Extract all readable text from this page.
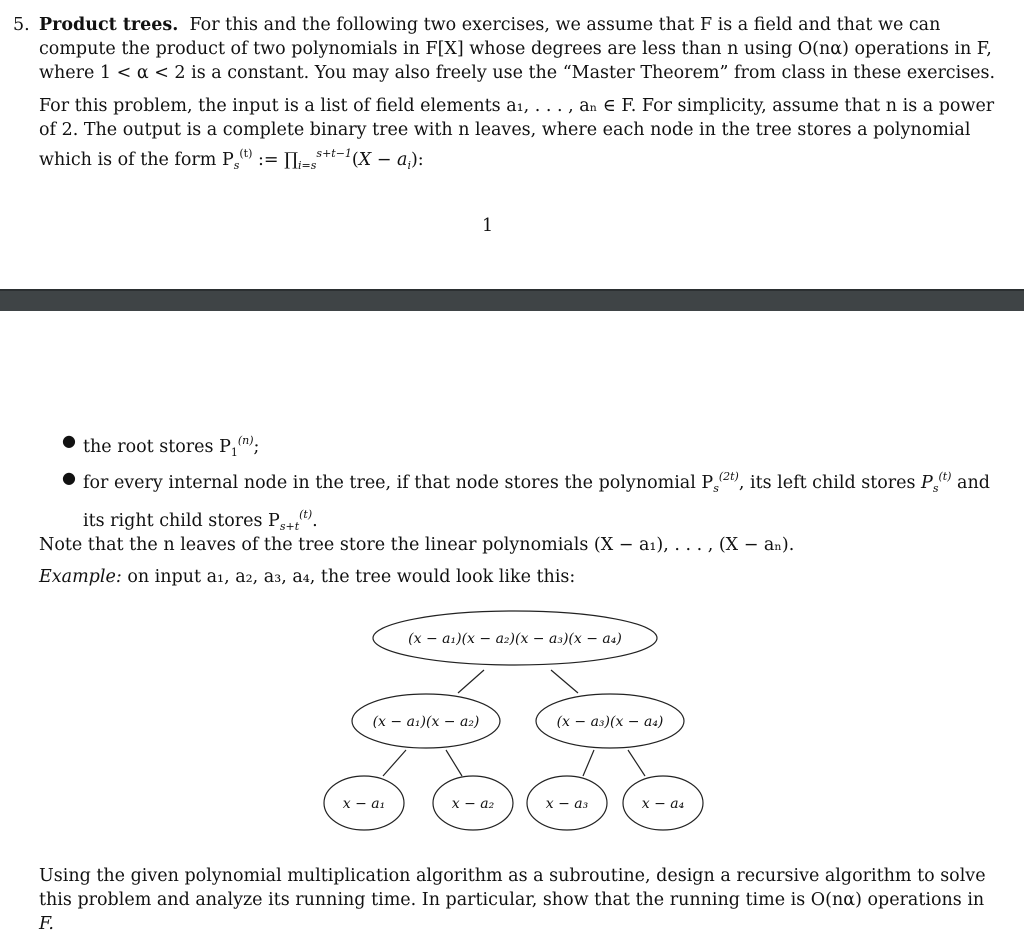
5. Product trees. For this and the following two exercises, we assume that F is a field and that we can
compute the product of two polynomials in F[X] whose degrees are less than n using O(nα) operations in F,
where 1 < α < 2 is a constant. You may also freely use the “Master Theorem” from class in these exercises.
For this problem, the input is a list of field elements a₁, . . . , aₙ ∈ F. For simplicity, assume that n is a power
of 2. The output is a complete binary tree with n leaves, where each node in the tree stores a polynomial
which is of the form $P_s^{(t)}$ := $\prod_{i=s}^{s+t-1}(X - a_i)$:
1
● the root stores $P_1^{(n)}$;
● for every internal node in the tree, if that node stores the polynomial $P_s^{(2t)}$, its left child stores $P_s^{(t)}$ and
its right child stores $P_{s+t}^{(t)}$.
Note that the n leaves of the tree store the linear polynomials (X − a₁), . . . , (X − aₙ).
Example: on input a₁, a₂, a₃, a₄, the tree would look like this:
(x − a₁)(x − a₂)(x − a₃)(x − a₄)
(x − a₁)(x − a₂)	(x − a₃)(x − a₄)
x − a₁	x − a₂	x − a₃	x − a₄
Using the given polynomial multiplication algorithm as a subroutine, design a recursive algorithm to solve
this problem and analyze its running time. In particular, show that the running time is O(nα) operations in
F.
